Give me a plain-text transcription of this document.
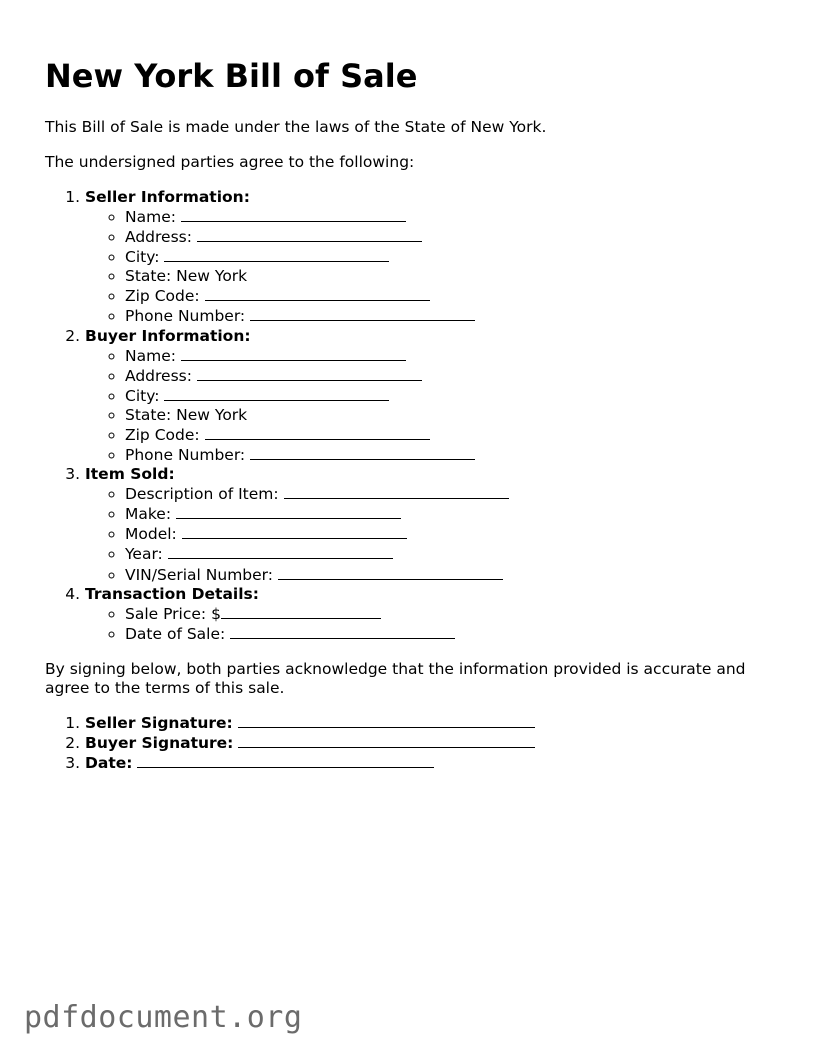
New York Bill of Sale

This Bill of Sale is made under the laws of the State of New York.

The undersigned parties agree to the following:

1. Seller Information:
◦ Name:
◦ Address:
◦ City:
◦ State: New York
◦ Zip Code:
◦ Phone Number:
2. Buyer Information:
◦ Name:
◦ Address:
◦ City:
◦ State: New York
◦ Zip Code:
◦ Phone Number:
3. Item Sold:
◦ Description of Item:
◦ Make:
◦ Model:
◦ Year:
◦ VIN/Serial Number:
4. Transaction Details:
◦ Sale Price: $
◦ Date of Sale:

By signing below, both parties acknowledge that the information provided is accurate and agree to the terms of this sale.

1. Seller Signature:
2. Buyer Signature:
3. Date:
pdfdocument.org
